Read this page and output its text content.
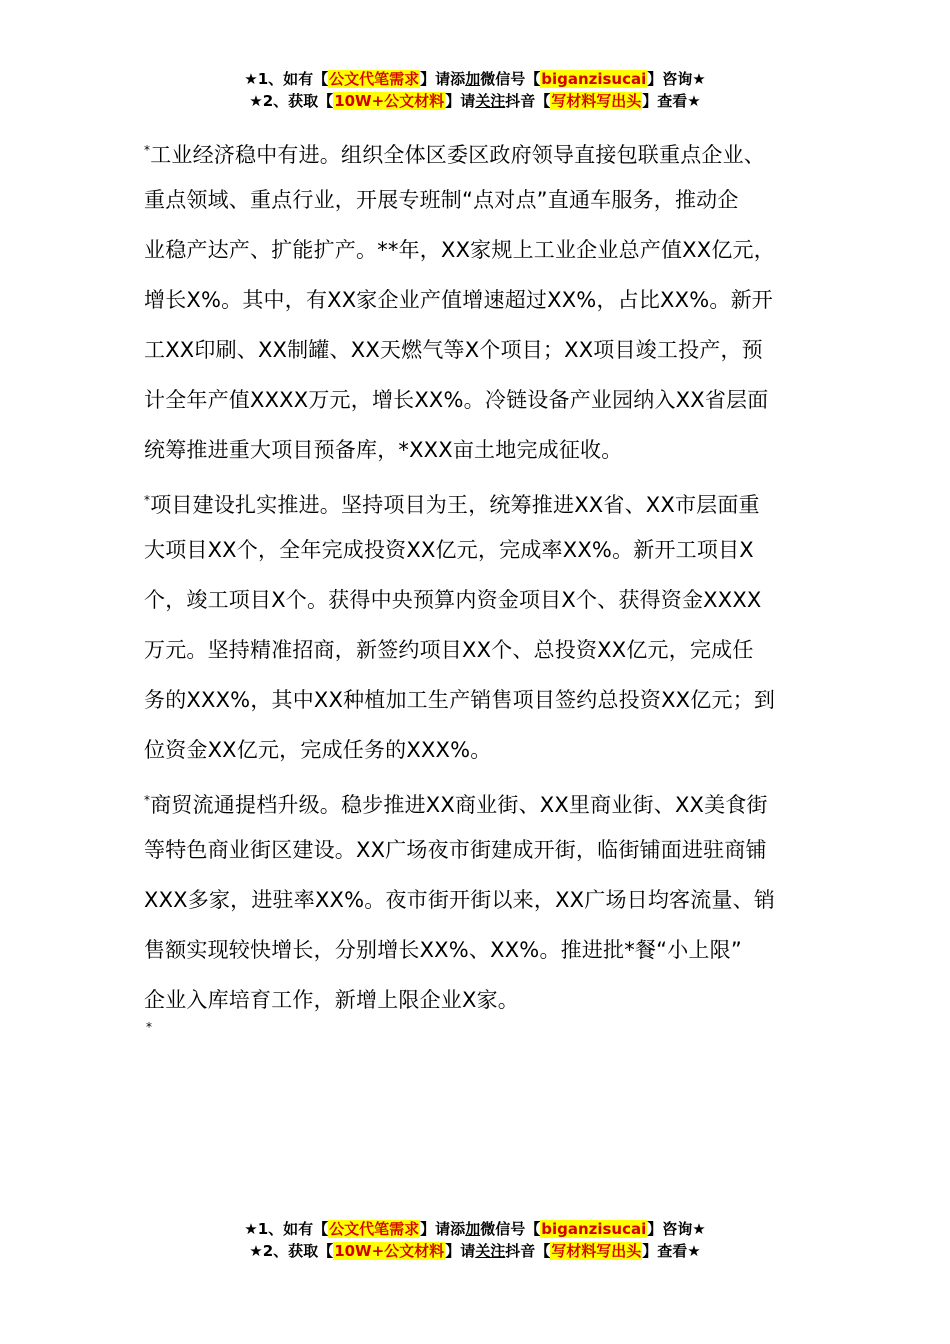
★1、如有【公文代笔需求】请添加微信号【biganzisucai】咨询★
★2、获取【10W+公文材料】请关注抖音【写材料写出头】查看★
*工业经济稳中有进。组织全体区委区政府领导直接包联重点企业、
重点领域、重点行业，开展专班制“点对点”直通车服务，推动企
业稳产达产、扩能扩产。**年，XX家规上工业企业总产值XX亿元，
增长X%。其中，有XX家企业产值增速超过XX%，占比XX%。新开
工XX印刷、XX制罐、XX天燃气等X个项目；XX项目竣工投产，预
计全年产值XXXX万元，增长XX%。冷链设备产业园纳入XX省层面
统筹推进重大项目预备库，*XXX亩土地完成征收。
*项目建设扎实推进。坚持项目为王，统筹推进XX省、XX市层面重
大项目XX个，全年完成投资XX亿元，完成率XX%。新开工项目X
个，竣工项目X个。获得中央预算内资金项目X个、获得资金XXXX
万元。坚持精准招商，新签约项目XX个、总投资XX亿元，完成任
务的XXX%，其中XX种植加工生产销售项目签约总投资XX亿元；到
位资金XX亿元，完成任务的XXX%。
*商贸流通提档升级。稳步推进XX商业街、XX里商业街、XX美食街
等特色商业街区建设。XX广场夜市街建成开街，临街铺面进驻商铺
XXX多家，进驻率XX%。夜市街开街以来，XX广场日均客流量、销
售额实现较快增长，分别增长XX%、XX%。推进批*餐“小上限”
企业入库培育工作，新增上限企业X家。
*
★1、如有【公文代笔需求】请添加微信号【biganzisucai】咨询★
★2、获取【10W+公文材料】请关注抖音【写材料写出头】查看★
